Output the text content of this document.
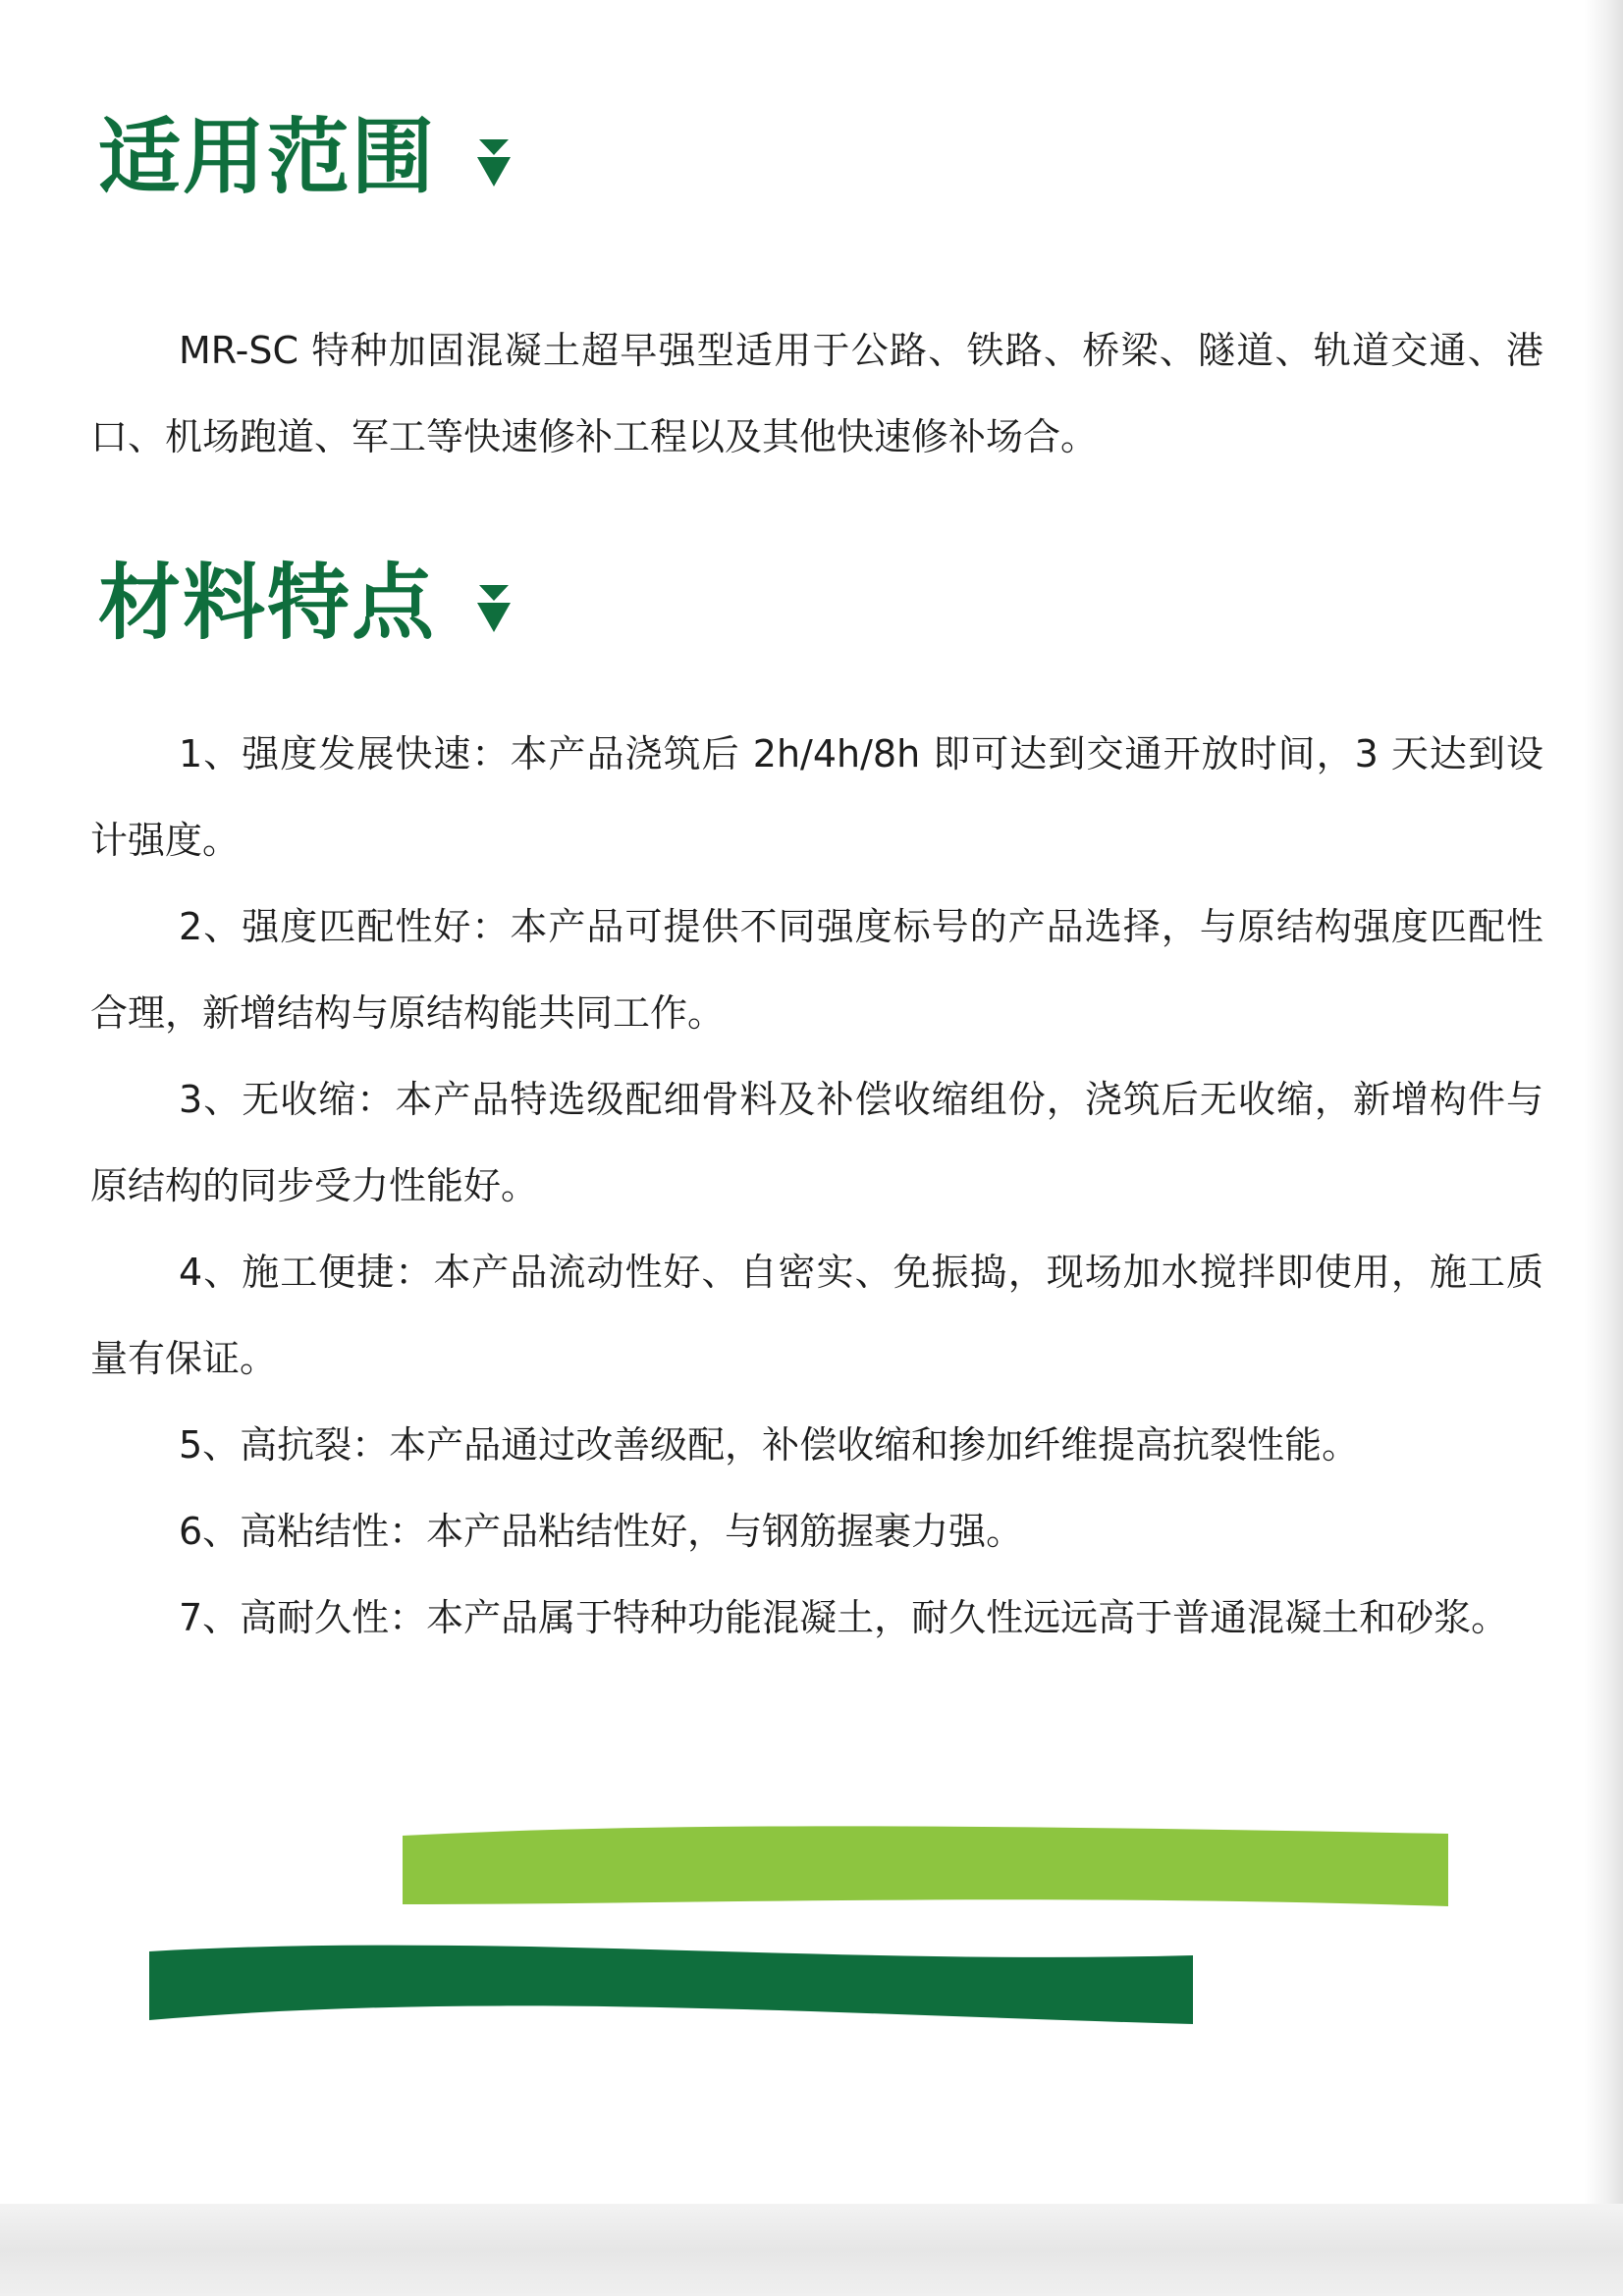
适用范围

MR-SC 特种加固混凝土超早强型适用于公路、铁路、桥梁、隧道、轨道交通、港口、机场跑道、军工等快速修补工程以及其他快速修补场合。

材料特点

1、强度发展快速：本产品浇筑后 2h/4h/8h 即可达到交通开放时间，3 天达到设计强度。

2、强度匹配性好：本产品可提供不同强度标号的产品选择，与原结构强度匹配性合理，新增结构与原结构能共同工作。

3、无收缩：本产品特选级配细骨料及补偿收缩组份，浇筑后无收缩，新增构件与原结构的同步受力性能好。

4、施工便捷：本产品流动性好、自密实、免振捣，现场加水搅拌即使用，施工质量有保证。

5、高抗裂：本产品通过改善级配，补偿收缩和掺加纤维提高抗裂性能。

6、高粘结性：本产品粘结性好，与钢筋握裹力强。

7、高耐久性：本产品属于特种功能混凝土，耐久性远远高于普通混凝土和砂浆。
